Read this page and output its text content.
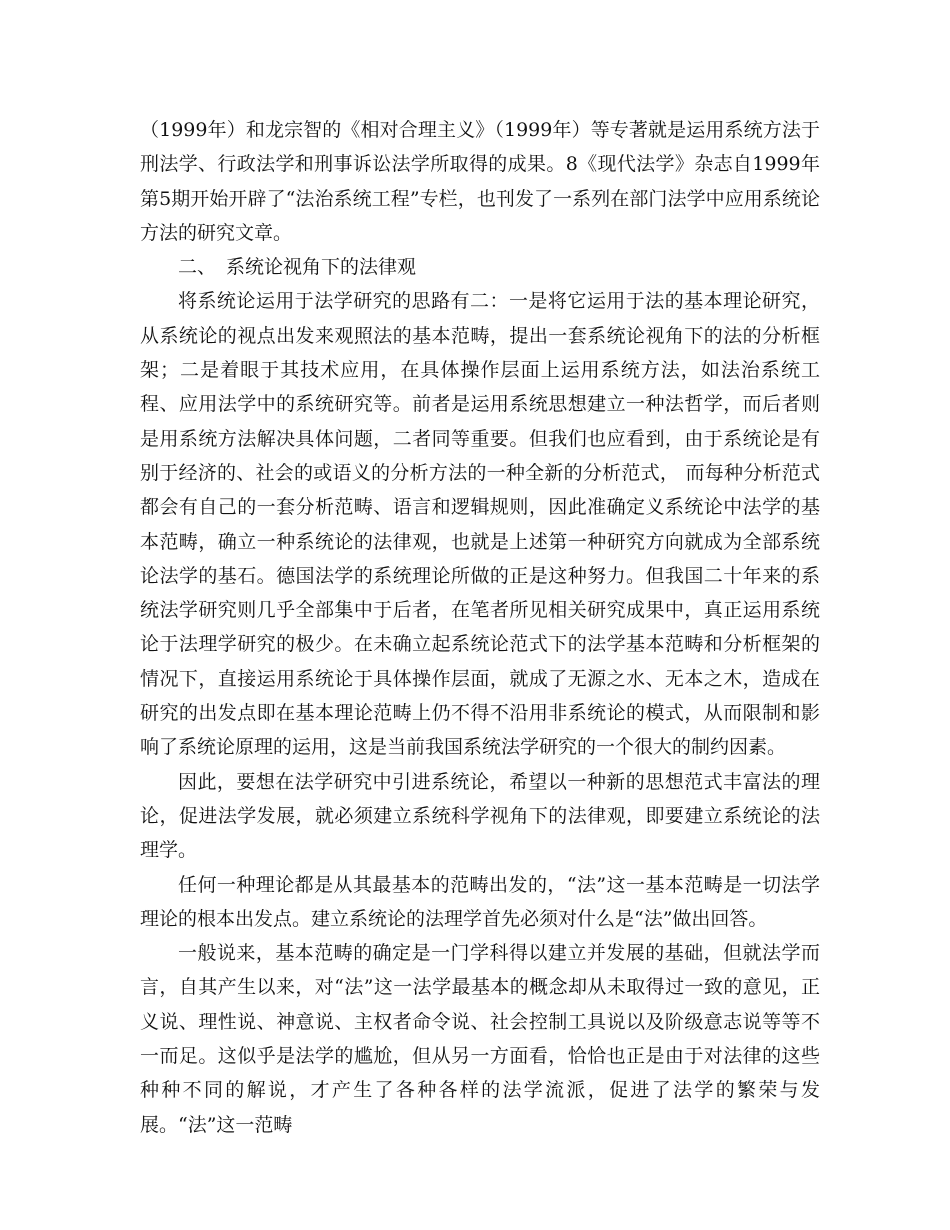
（1999年）和龙宗智的《相对合理主义》（1999年）等专著就是运用系统方法于刑法学、行政法学和刑事诉讼法学所取得的成果。8《现代法学》杂志自1999年第5期开始开辟了“法治系统工程”专栏，也刊发了一系列在部门法学中应用系统论方法的研究文章。

二、 系统论视角下的法律观

将系统论运用于法学研究的思路有二：一是将它运用于法的基本理论研究，从系统论的视点出发来观照法的基本范畴，提出一套系统论视角下的法的分析框架；二是着眼于其技术应用，在具体操作层面上运用系统方法，如法治系统工程、应用法学中的系统研究等。前者是运用系统思想建立一种法哲学，而后者则是用系统方法解决具体问题，二者同等重要。但我们也应看到，由于系统论是有别于经济的、社会的或语义的分析方法的一种全新的分析范式， 而每种分析范式都会有自己的一套分析范畴、语言和逻辑规则，因此准确定义系统论中法学的基本范畴，确立一种系统论的法律观，也就是上述第一种研究方向就成为全部系统论法学的基石。德国法学的系统理论所做的正是这种努力。但我国二十年来的系统法学研究则几乎全部集中于后者，在笔者所见相关研究成果中，真正运用系统论于法理学研究的极少。在未确立起系统论范式下的法学基本范畴和分析框架的情况下，直接运用系统论于具体操作层面，就成了无源之水、无本之木，造成在研究的出发点即在基本理论范畴上仍不得不沿用非系统论的模式，从而限制和影响了系统论原理的运用，这是当前我国系统法学研究的一个很大的制约因素。

因此，要想在法学研究中引进系统论，希望以一种新的思想范式丰富法的理论，促进法学发展，就必须建立系统科学视角下的法律观，即要建立系统论的法理学。

任何一种理论都是从其最基本的范畴出发的，“法”这一基本范畴是一切法学理论的根本出发点。建立系统论的法理学首先必须对什么是“法”做出回答。

一般说来，基本范畴的确定是一门学科得以建立并发展的基础，但就法学而言，自其产生以来，对“法”这一法学最基本的概念却从未取得过一致的意见，正义说、理性说、神意说、主权者命令说、社会控制工具说以及阶级意志说等等不一而足。这似乎是法学的尴尬，但从另一方面看，恰恰也正是由于对法律的这些种种不同的解说，才产生了各种各样的法学流派，促进了法学的繁荣与发展。“法”这一范畴
